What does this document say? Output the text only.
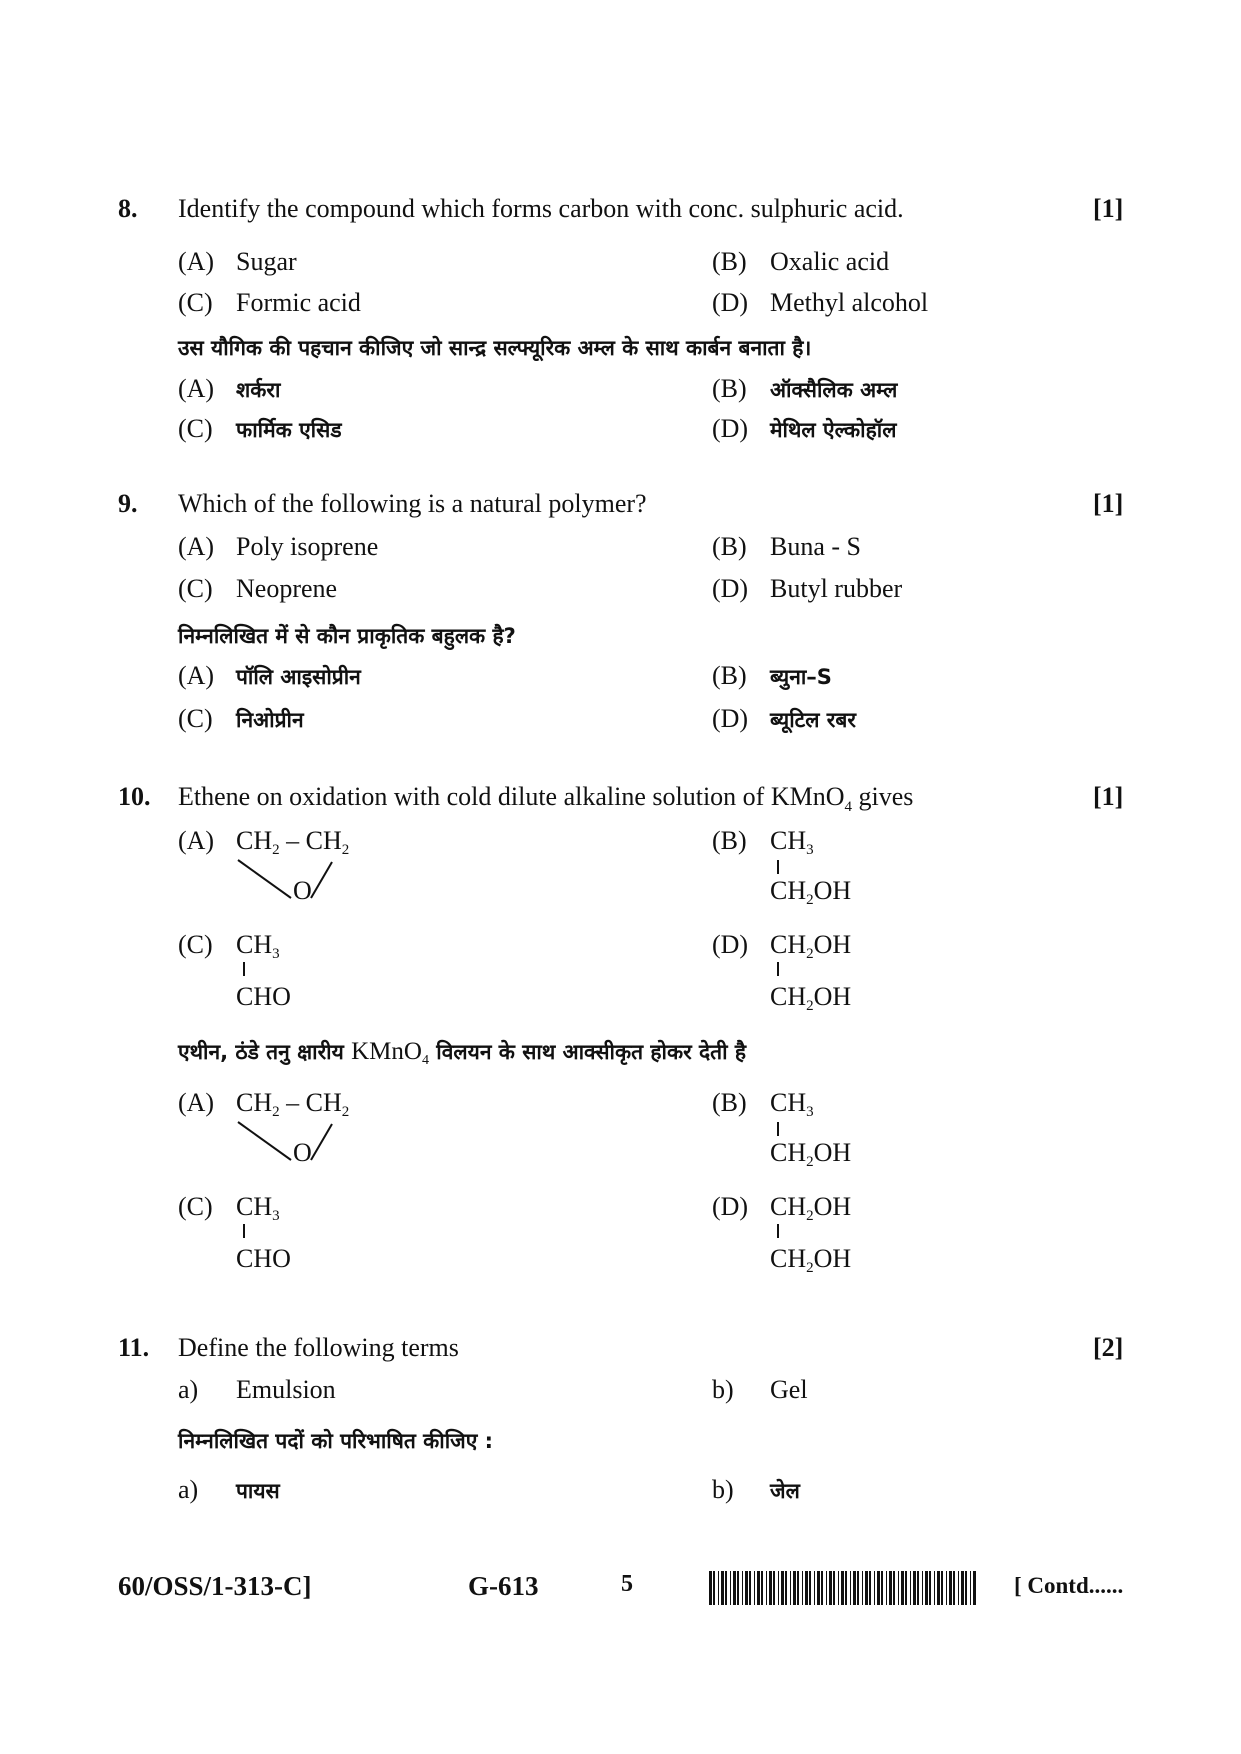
8. Identify the compound which forms carbon with conc. sulphuric acid.	[1]
(A) Sugar	(B) Oxalic acid
(C) Formic acid	(D) Methyl alcohol
उस यौगिक की पहचान कीजिए जो सान्द्र सल्फ्यूरिक अम्ल के साथ कार्बन बनाता है।
(A) शर्करा	(B) ऑक्सैलिक अम्ल
(C) फार्मिक एसिड	(D) मेथिल ऐल्कोहॉल
9. Which of the following is a natural polymer?	[1]
(A) Poly isoprene	(B) Buna - S
(C) Neoprene	(D) Butyl rubber
निम्नलिखित में से कौन प्राकृतिक बहुलक है?
(A) पॉलि आइसोप्रीन	(B) ब्युना–S
(C) निओप्रीन	(D) ब्यूटिल रबर
10. Ethene on oxidation with cold dilute alkaline solution of KMnO$_4$ gives	[1]
(A) $CH_2 - CH_2$
O
(B) $CH_3$
$CH_2OH$
(C) $CH_3$
CHO
(D) $CH_2OH$
$CH_2OH$
एथीन, ठंडे तनु क्षारीय KMnO$_4$ विलयन के साथ आक्सीकृत होकर देती है
(A) $CH_2 - CH_2$
O
(B) $CH_3$
$CH_2OH$
(C) $CH_3$
CHO
(D) $CH_2OH$
$CH_2OH$
11. Define the following terms	[2]
a) Emulsion	b) Gel
निम्नलिखित पदों को परिभाषित कीजिए :
a) पायस	b) जेल
60/OSS/1-313-C]	G-613	5	[ Contd......
